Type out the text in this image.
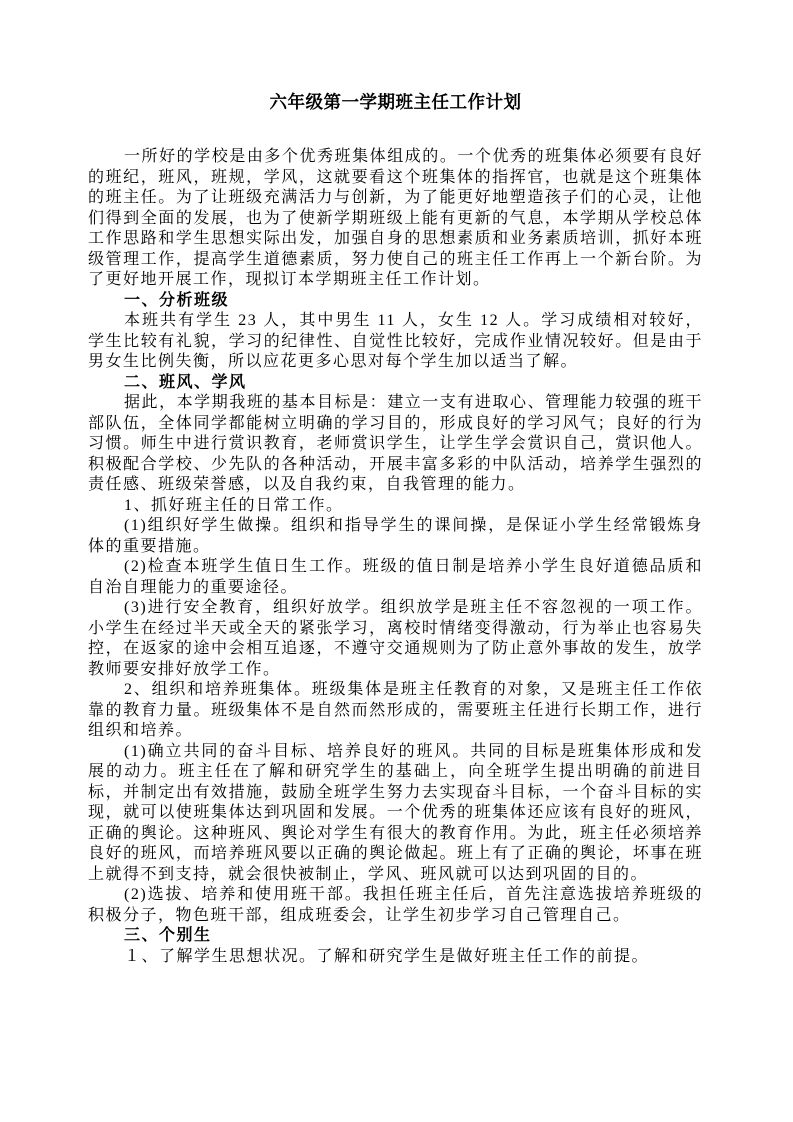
六年级第一学期班主任工作计划

一所好的学校是由多个优秀班集体组成的。一个优秀的班集体必须要有良好的班纪，班风，班规，学风，这就要看这个班集体的指挥官，也就是这个班集体的班主任。为了让班级充满活力与创新，为了能更好地塑造孩子们的心灵，让他们得到全面的发展，也为了使新学期班级上能有更新的气息，本学期从学校总体工作思路和学生思想实际出发，加强自身的思想素质和业务素质培训，抓好本班级管理工作，提高学生道德素质，努力使自己的班主任工作再上一个新台阶。为了更好地开展工作，现拟订本学期班主任工作计划。

一、分析班级

本班共有学生 23 人，其中男生 11 人，女生 12 人。学习成绩相对较好，学生比较有礼貌，学习的纪律性、自觉性比较好，完成作业情况较好。但是由于男女生比例失衡，所以应花更多心思对每个学生加以适当了解。

二、班风、学风

据此，本学期我班的基本目标是：建立一支有进取心、管理能力较强的班干部队伍，全体同学都能树立明确的学习目的，形成良好的学习风气；良好的行为习惯。师生中进行赏识教育，老师赏识学生，让学生学会赏识自己，赏识他人。积极配合学校、少先队的各种活动，开展丰富多彩的中队活动，培养学生强烈的责任感、班级荣誉感，以及自我约束，自我管理的能力。

1、抓好班主任的日常工作。

(1)组织好学生做操。组织和指导学生的课间操，是保证小学生经常锻炼身体的重要措施。

(2)检查本班学生值日生工作。班级的值日制是培养小学生良好道德品质和自治自理能力的重要途径。

(3)进行安全教育，组织好放学。组织放学是班主任不容忽视的一项工作。小学生在经过半天或全天的紧张学习，离校时情绪变得激动，行为举止也容易失控，在返家的途中会相互追逐，不遵守交通规则为了防止意外事故的发生，放学教师要安排好放学工作。

2、组织和培养班集体。班级集体是班主任教育的对象，又是班主任工作依靠的教育力量。班级集体不是自然而然形成的，需要班主任进行长期工作，进行组织和培养。

(1)确立共同的奋斗目标、培养良好的班风。共同的目标是班集体形成和发展的动力。班主任在了解和研究学生的基础上，向全班学生提出明确的前进目标，并制定出有效措施，鼓励全班学生努力去实现奋斗目标，一个奋斗目标的实现，就可以使班集体达到巩固和发展。一个优秀的班集体还应该有良好的班风，正确的舆论。这种班风、舆论对学生有很大的教育作用。为此，班主任必须培养良好的班风，而培养班风要以正确的舆论做起。班上有了正确的舆论，坏事在班上就得不到支持，就会很快被制止，学风、班风就可以达到巩固的目的。

(2)选拔、培养和使用班干部。我担任班主任后，首先注意选拔培养班级的积极分子，物色班干部，组成班委会，让学生初步学习自己管理自己。

三、个别生

１、了解学生思想状况。了解和研究学生是做好班主任工作的前提。
